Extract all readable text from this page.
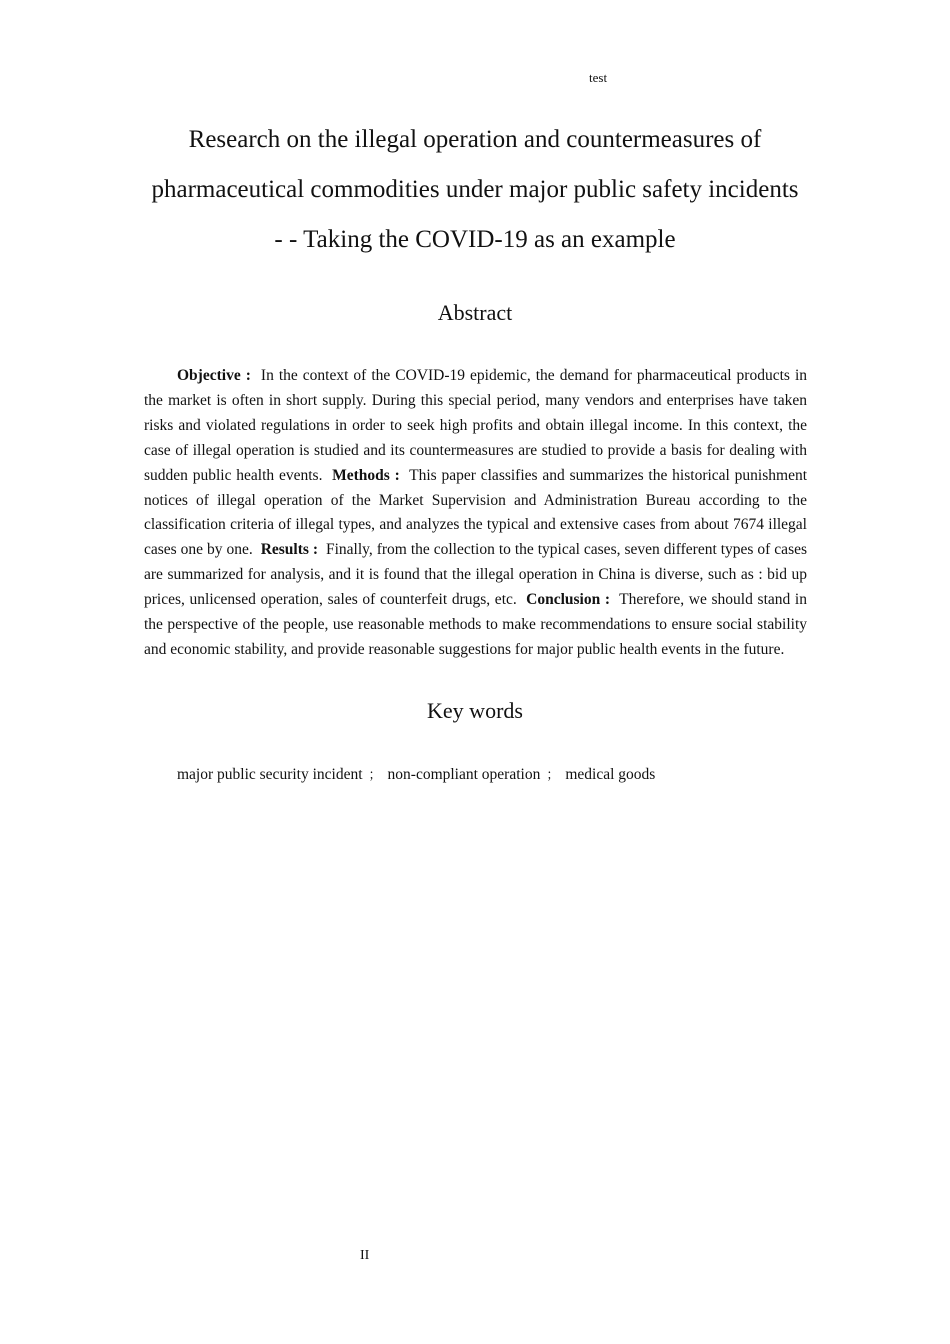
test
Research on the illegal operation and countermeasures of
pharmaceutical commodities under major public safety incidents
- - Taking the COVID-19 as an example
Abstract
Objective : In the context of the COVID-19 epidemic, the demand for pharmaceutical products in the market is often in short supply. During this special period, many vendors and enterprises have taken risks and violated regulations in order to seek high profits and obtain illegal income. In this context, the case of illegal operation is studied and its countermeasures are studied to provide a basis for dealing with sudden public health events. Methods : This paper classifies and summarizes the historical punishment notices of illegal operation of the Market Supervision and Administration Bureau according to the classification criteria of illegal types, and analyzes the typical and extensive cases from about 7674 illegal cases one by one. Results : Finally, from the collection to the typical cases, seven different types of cases are summarized for analysis, and it is found that the illegal operation in China is diverse, such as : bid up prices, unlicensed operation, sales of counterfeit drugs, etc. Conclusion : Therefore, we should stand in the perspective of the people, use reasonable methods to make recommendations to ensure social stability and economic stability, and provide reasonable suggestions for major public health events in the future.
Key words
major public security incident ； non-compliant operation ； medical goods
II
